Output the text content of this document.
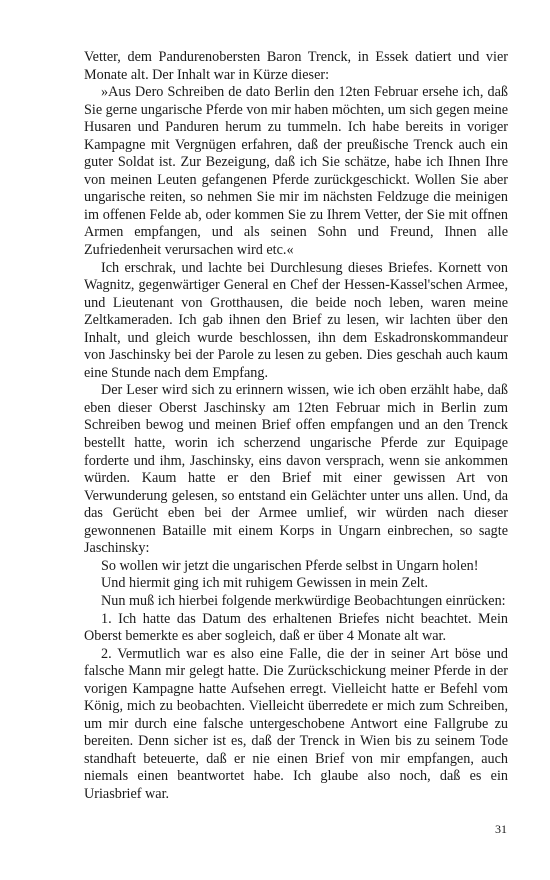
Vetter, dem Pandurenobersten Baron Trenck, in Essek datiert und vier Monate alt. Der Inhalt war in Kürze dieser:

»Aus Dero Schreiben de dato Berlin den 12ten Februar ersehe ich, daß Sie gerne ungarische Pferde von mir haben möchten, um sich gegen meine Husaren und Panduren herum zu tummeln. Ich habe bereits in voriger Kampagne mit Vergnügen erfahren, daß der preußische Trenck auch ein guter Soldat ist. Zur Bezeigung, daß ich Sie schätze, habe ich Ihnen Ihre von meinen Leuten gefangenen Pferde zurückgeschickt. Wollen Sie aber ungarische reiten, so nehmen Sie mir im nächsten Feldzuge die meinigen im offenen Felde ab, oder kommen Sie zu Ihrem Vetter, der Sie mit offnen Armen empfangen, und als seinen Sohn und Freund, Ihnen alle Zufriedenheit verursachen wird etc.«

Ich erschrak, und lachte bei Durchlesung dieses Briefes. Kornett von Wagnitz, gegenwärtiger General en Chef der Hessen-Kassel'schen Armee, und Lieutenant von Grotthausen, die beide noch leben, waren meine Zeltkameraden. Ich gab ihnen den Brief zu lesen, wir lachten über den Inhalt, und gleich wurde beschlossen, ihn dem Eskadronskommandeur von Jaschinsky bei der Parole zu lesen zu geben. Dies geschah auch kaum eine Stunde nach dem Empfang.

Der Leser wird sich zu erinnern wissen, wie ich oben erzählt habe, daß eben dieser Oberst Jaschinsky am 12ten Februar mich in Berlin zum Schreiben bewog und meinen Brief offen empfangen und an den Trenck bestellt hatte, worin ich scherzend ungarische Pferde zur Equipage forderte und ihm, Jaschinsky, eins davon versprach, wenn sie ankommen würden. Kaum hatte er den Brief mit einer gewissen Art von Verwunderung gelesen, so entstand ein Gelächter unter uns allen. Und, da das Gerücht eben bei der Armee umlief, wir würden nach dieser gewonnenen Bataille mit einem Korps in Ungarn einbrechen, so sagte Jaschinsky:

So wollen wir jetzt die ungarischen Pferde selbst in Ungarn holen!

Und hiermit ging ich mit ruhigem Gewissen in mein Zelt.

Nun muß ich hierbei folgende merkwürdige Beobachtungen einrücken:

1. Ich hatte das Datum des erhaltenen Briefes nicht beachtet. Mein Oberst bemerkte es aber sogleich, daß er über 4 Monate alt war.

2. Vermutlich war es also eine Falle, die der in seiner Art böse und falsche Mann mir gelegt hatte. Die Zurückschickung meiner Pferde in der vorigen Kampagne hatte Aufsehen erregt. Vielleicht hatte er Befehl vom König, mich zu beobachten. Vielleicht überredete er mich zum Schreiben, um mir durch eine falsche untergeschobene Antwort eine Fallgrube zu bereiten. Denn sicher ist es, daß der Trenck in Wien bis zu seinem Tode standhaft beteuerte, daß er nie einen Brief von mir empfangen, auch niemals einen beantwortet habe. Ich glaube also noch, daß es ein Uriasbrief war.

31
